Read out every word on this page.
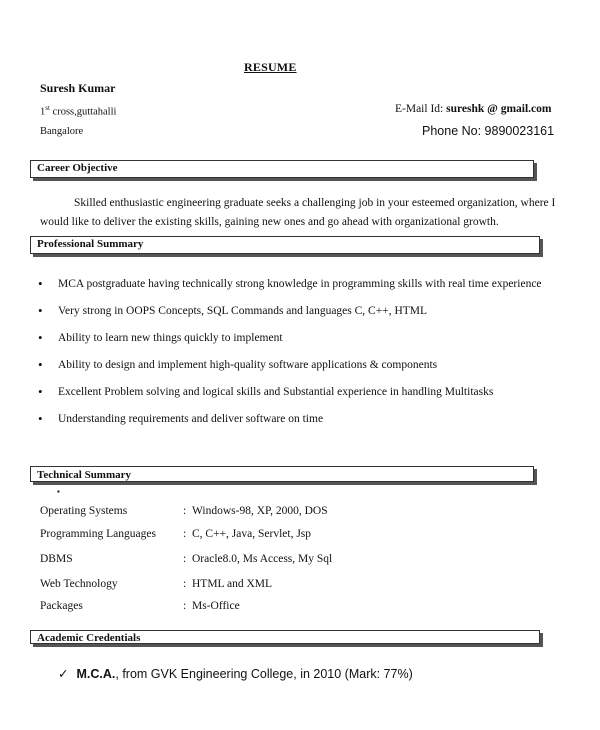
RESUME
Suresh Kumar
1st cross,guttahalli
Bangalore
E-Mail Id: sureshk @ gmail.com
Phone No: 9890023161
Career Objective
Skilled enthusiastic engineering graduate seeks a challenging job in your esteemed organization, where I
would like to deliver the existing skills, gaining new ones and go ahead with organizational growth.
Professional Summary
• MCA postgraduate having technically strong knowledge in programming skills with real time experience
• Very strong in OOPS Concepts, SQL Commands and languages C, C++, HTML
• Ability to learn new things quickly to implement
• Ability to design and implement high-quality software applications & components
• Excellent Problem solving and logical skills and Substantial experience in handling Multitasks
• Understanding requirements and deliver software on time
Technical Summary
▪
Operating Systems	: Windows-98, XP, 2000, DOS
Programming Languages	: C, C++, Java, Servlet, Jsp
DBMS	: Oracle8.0, Ms Access, My Sql
Web Technology	: HTML and XML
Packages	: Ms-Office
Academic Credentials
✓ M.C.A., from GVK Engineering College, in 2010 (Mark: 77%)
